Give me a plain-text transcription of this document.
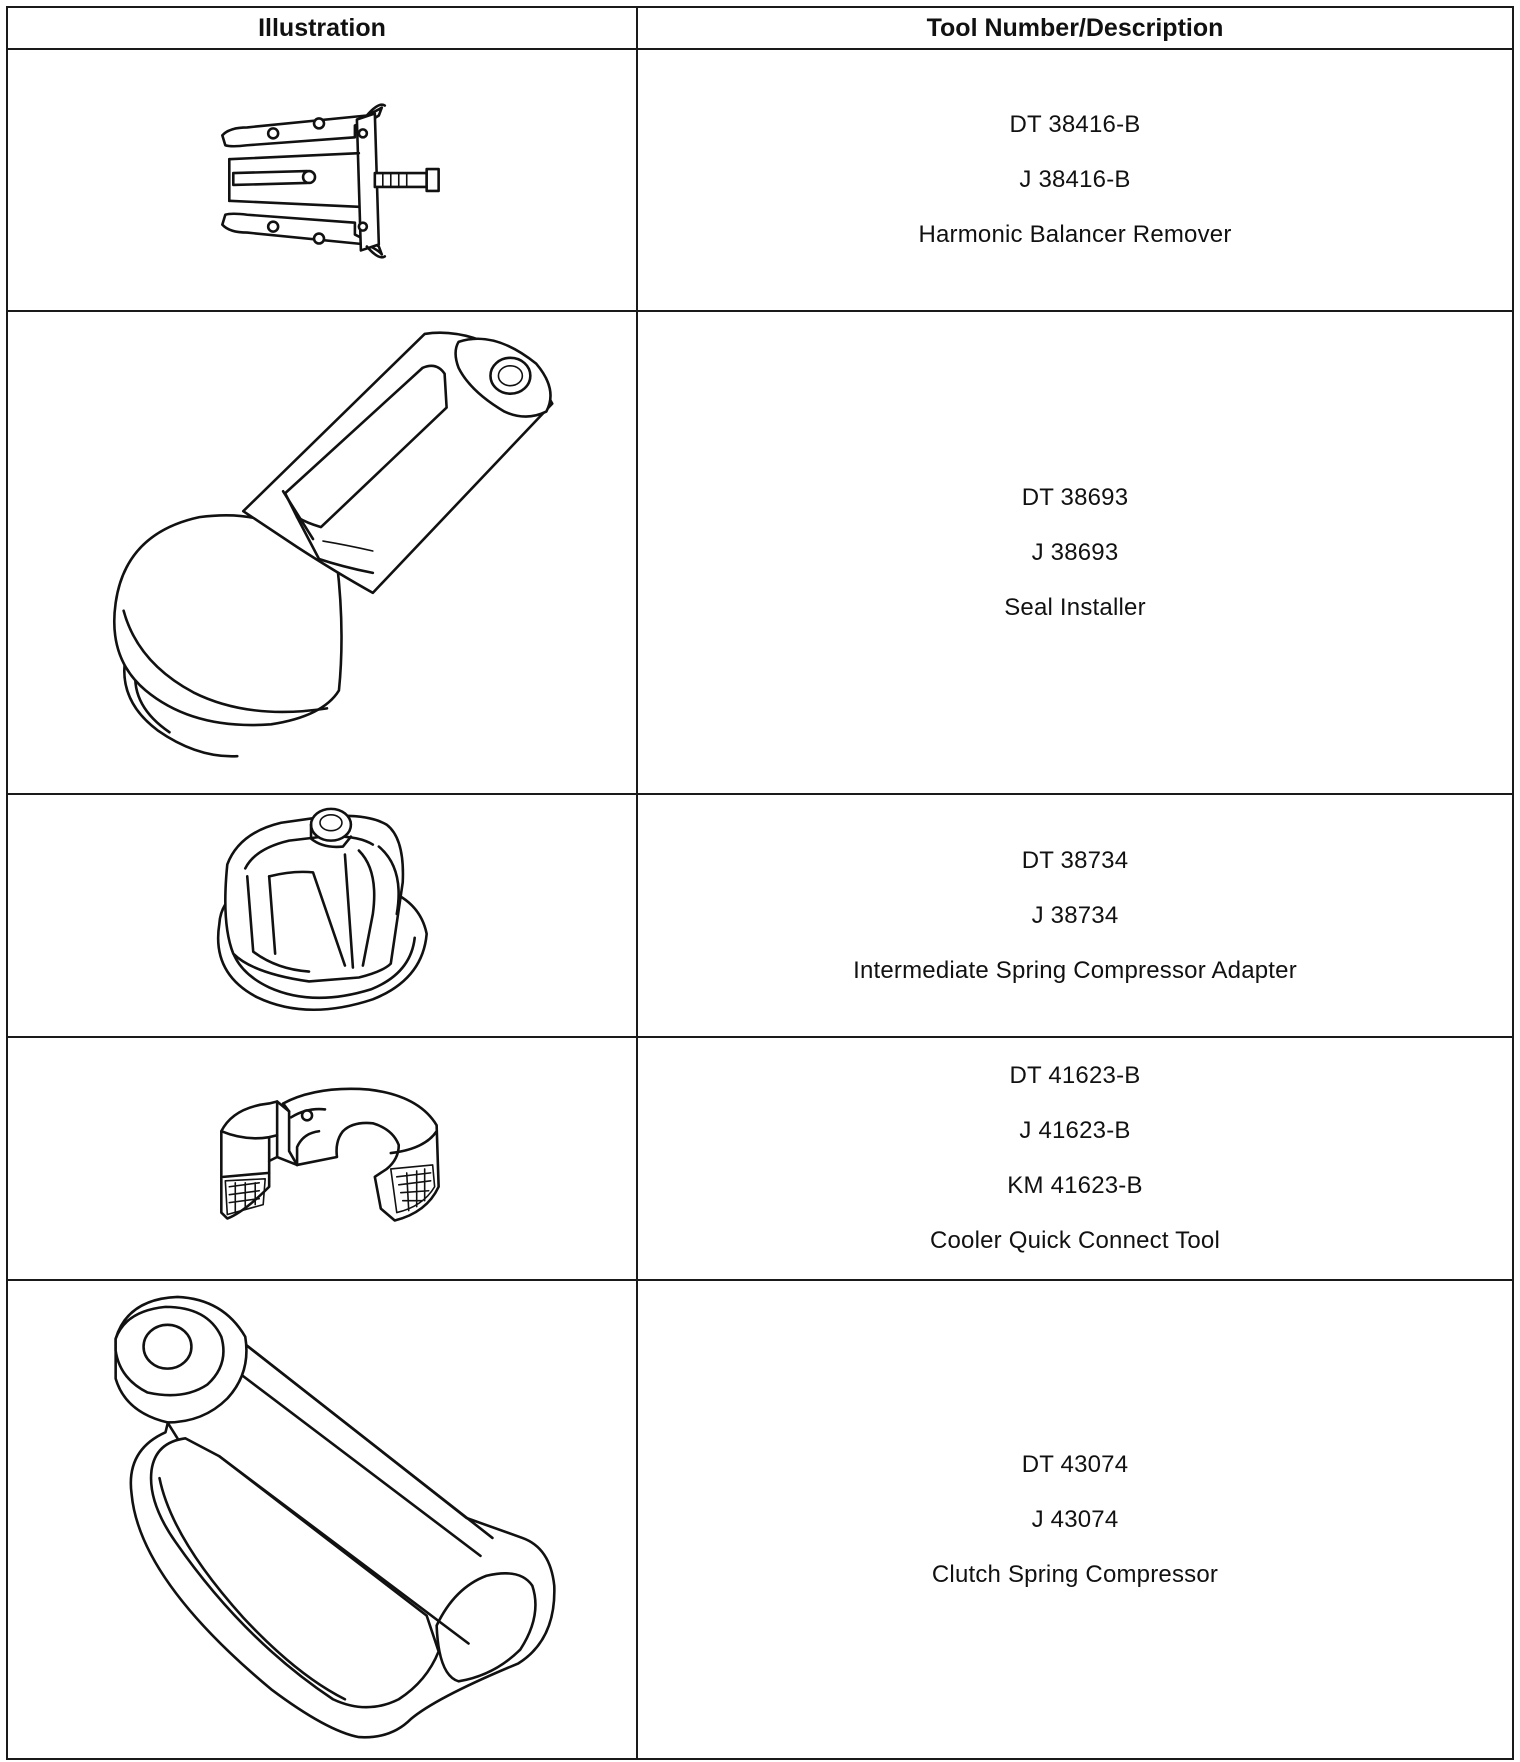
Illustration	Tool Number/Description

DT 38416-B
J 38416-B
Harmonic Balancer Remover

DT 38693
J 38693
Seal Installer

DT 38734
J 38734
Intermediate Spring Compressor Adapter

DT 41623-B
J 41623-B
KM 41623-B
Cooler Quick Connect Tool

DT 43074
J 43074
Clutch Spring Compressor
